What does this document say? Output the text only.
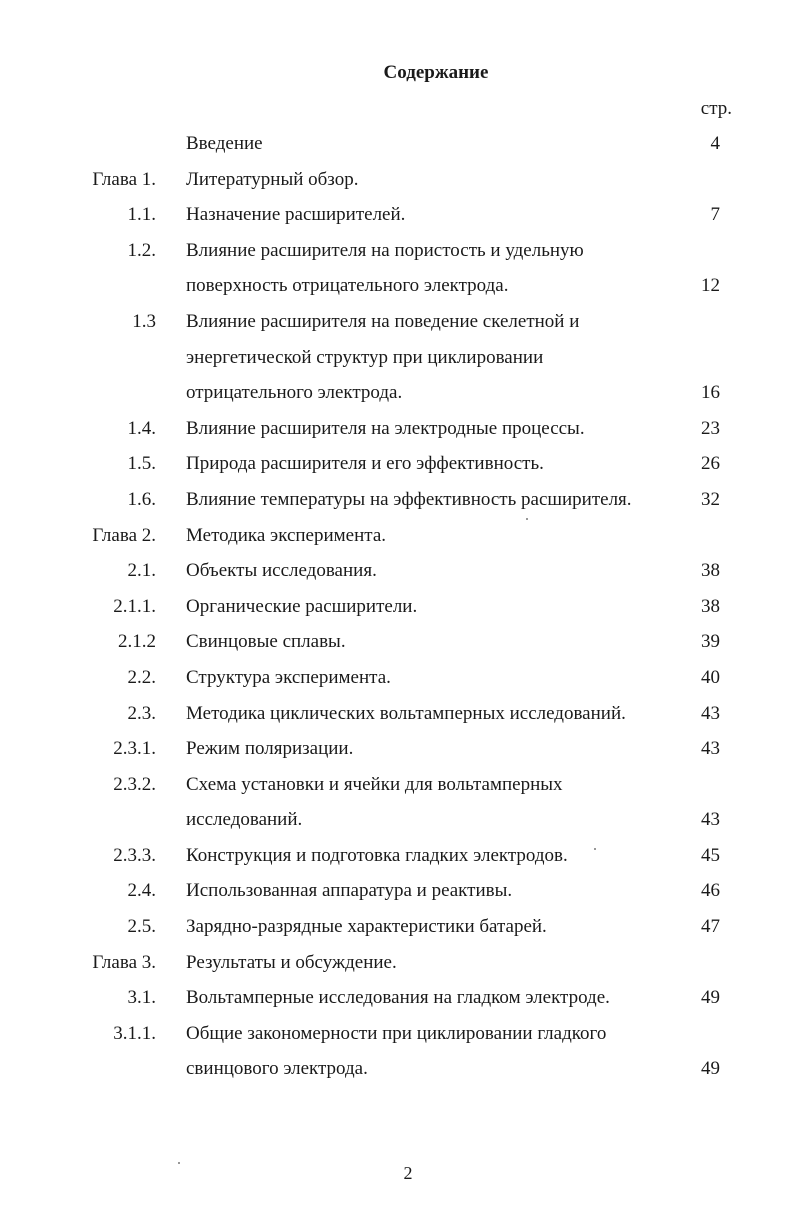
Содержание
стр.
Введение	4
Глава 1. Литературный обзор.
1.1. Назначение расширителей.	7
1.2. Влияние расширителя на пористость и удельную
поверхность отрицательного электрода.	12
1.3 Влияние расширителя на поведение скелетной и
энергетической структур при циклировании
отрицательного электрода.	16
1.4. Влияние расширителя на электродные процессы.	23
1.5. Природа расширителя и его эффективность.	26
1.6. Влияние температуры на эффективность расширителя.	32
Глава 2. Методика эксперимента.
2.1. Объекты исследования.	38
2.1.1. Органические расширители.	38
2.1.2 Свинцовые сплавы.	39
2.2. Структура эксперимента.	40
2.3. Методика циклических вольтамперных исследований.	43
2.3.1. Режим поляризации.	43
2.3.2. Схема установки и ячейки для вольтамперных
исследований.	43
2.3.3. Конструкция и подготовка гладких электродов.	45
2.4. Использованная аппаратура и реактивы.	46
2.5. Зарядно-разрядные характеристики батарей.	47
Глава 3. Результаты и обсуждение.
3.1. Вольтамперные исследования на гладком электроде.	49
3.1.1. Общие закономерности при циклировании гладкого
свинцового электрода.	49
2
